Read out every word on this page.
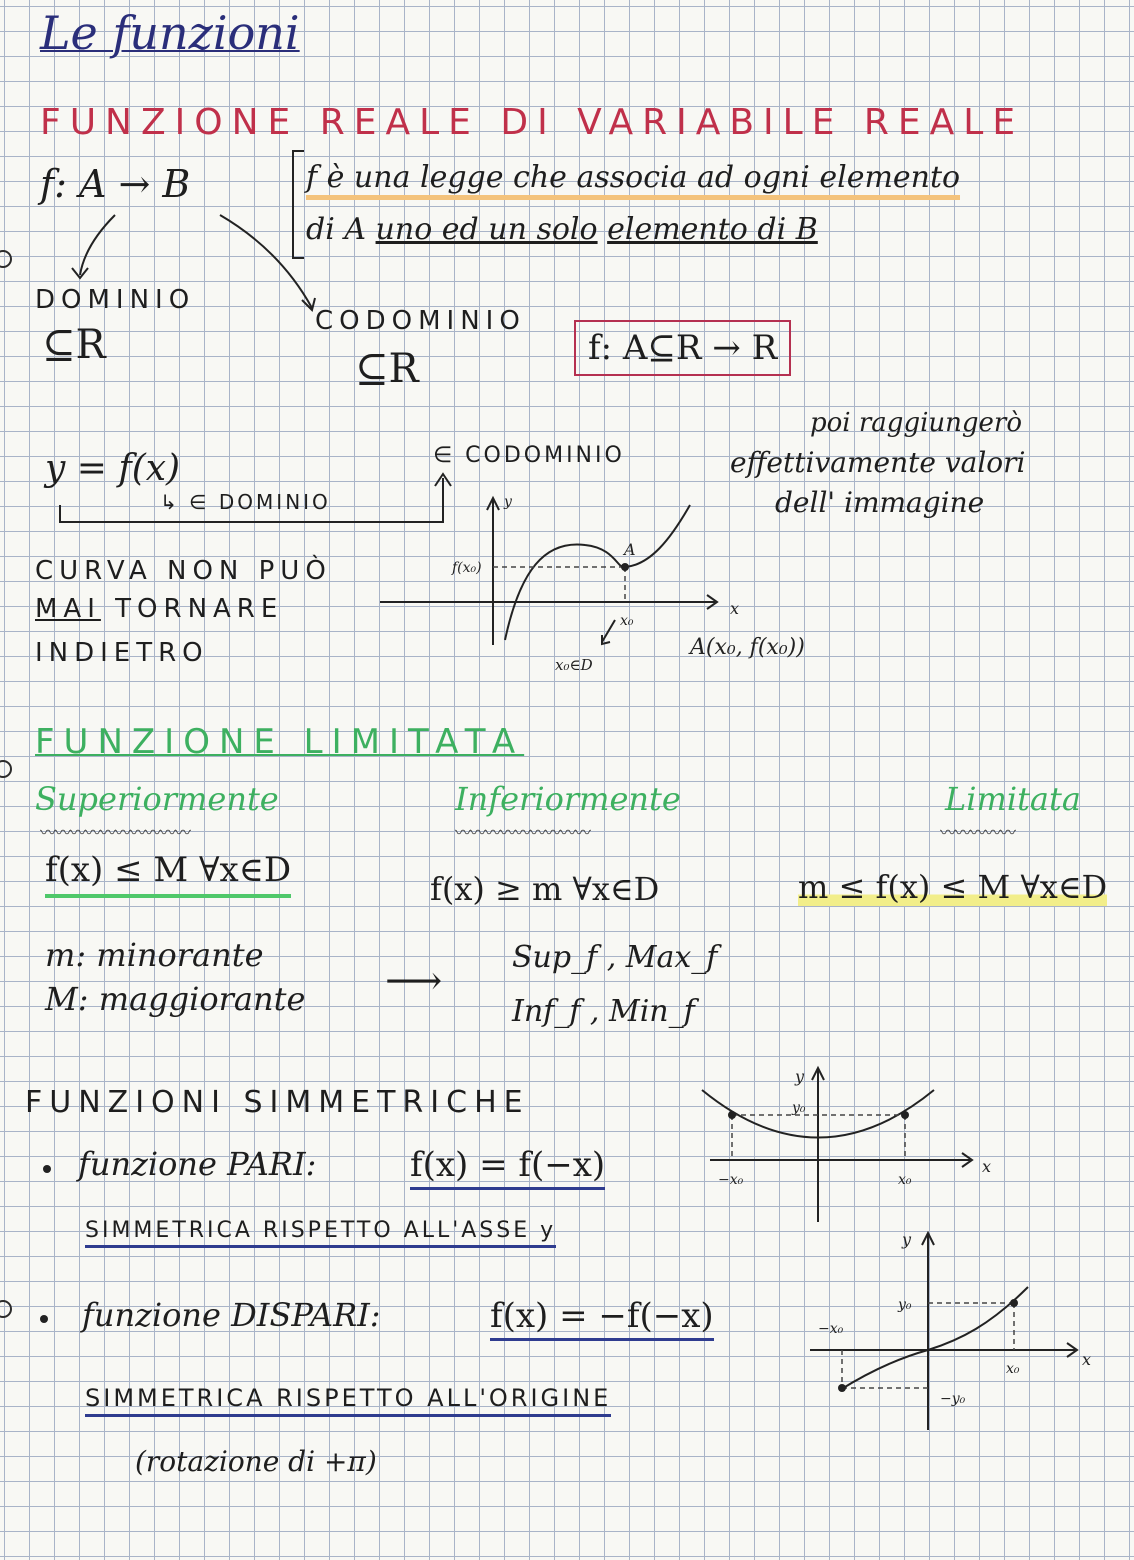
Le funzioni
FUNZIONE REALE DI VARIABILE REALE
f: A → B	f è una legge che associa ad ogni elemento
di A uno ed un solo elemento di B
DOMINIO
⊆R
CODOMINIO
⊆R	f: A⊆R → R
poi raggiungerò
effettivamente valori
dell' immagine
y = f(x)
↳ ∈ DOMINIO
∈ CODOMINIO
CURVA NON PUÒ
MAI TORNARE
INDIETRO
A
f(x₀)
x₀
x
y
x₀∈D
A(x₀, f(x₀))
FUNZIONE LIMITATA
Superiormente	Inferiormente	Limitata
〰〰〰〰〰〰〰〰〰〰	〰〰〰〰〰〰〰〰〰	〰〰〰〰〰
f(x) ≤ M ∀x∈D	f(x) ≥ m ∀x∈D	m ≤ f(x) ≤ M ∀x∈D
m: minorante
M: maggiorante ⟶
Sup_f , Max_f
Inf_f , Min_f
FUNZIONI SIMMETRICHE
funzione PARI:	f(x) = f(−x)
SIMMETRICA RISPETTO ALL'ASSE y
funzione DISPARI:	f(x) = −f(−x)
SIMMETRICA RISPETTO ALL'ORIGINE
(rotazione di +π)
y
x
y₀
−x₀	x₀
y
x
y₀
−x₀
x₀
−y₀
